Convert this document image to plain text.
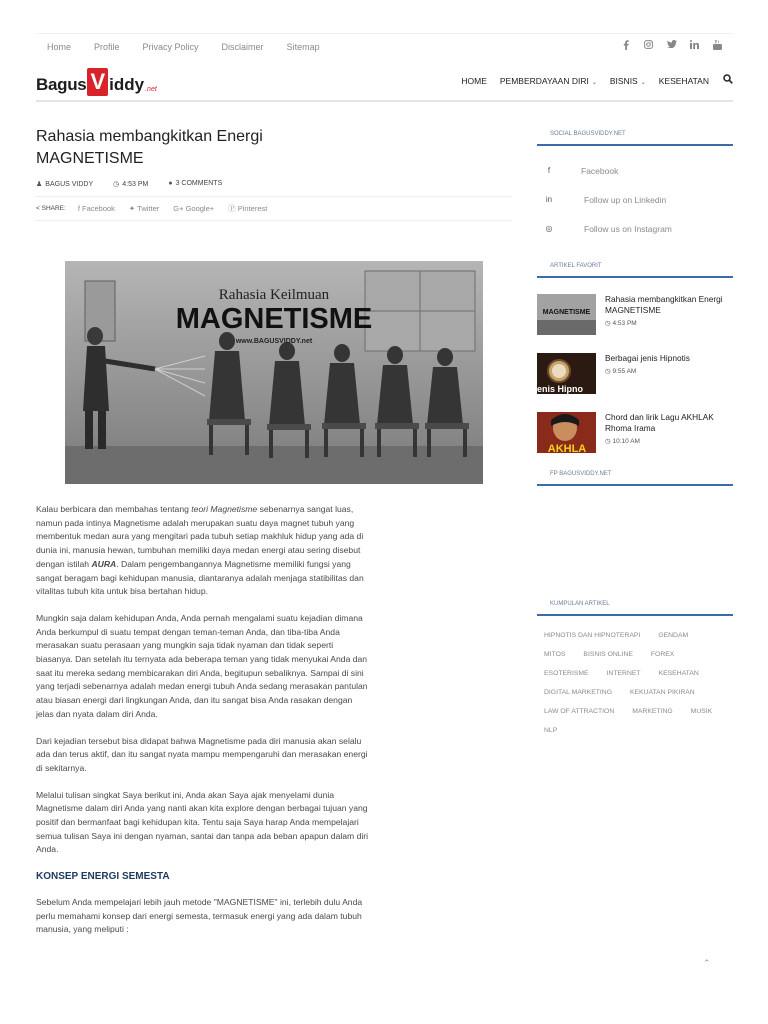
Home	Profile	Privacy Policy	Disclaimer	Sitemap
Bagus V iddy .net
HOME PEMBERDAYAAN DIRI ⌄ BISNIS ⌄ KESEHATAN
Rahasia membangkitkan Energi MAGNETISME
♟ BAGUS VIDDY	◷ 4:53 PM	● 3 COMMENTS
< SHARE: f Facebook ✦ Twitter G+ Google+ Ⓟ Pinterest
Rahasia Keilmuan
MAGNETISME
www.BAGUSVIDDY.net

Kalau berbicara dan membahas tentang teori Magnetisme sebenarnya sangat luas, namun pada intinya Magnetisme adalah merupakan suatu daya magnet tubuh yang membentuk medan aura yang mengitari pada tubuh setiap makhluk hidup yang ada di dunia ini, manusia hewan, tumbuhan memiliki daya medan energi atau sering disebut dengan istilah AURA. Dalam pengembangannya Magnetisme memiliki fungsi yang sangat beragam bagi kehidupan manusia, diantaranya adalah menjaga statibilitas dan vitalitas tubuh kita untuk bisa bertahan hidup.

Mungkin saja dalam kehidupan Anda, Anda pernah mengalami suatu kejadian dimana Anda berkumpul di suatu tempat dengan teman-teman Anda, dan tiba-tiba Anda merasakan suatu perasaan yang mungkin saja tidak nyaman dan tidak seperti biasanya. Dan setelah itu ternyata ada beberapa teman yang tidak menyukai Anda dan saat itu mereka sedang membicarakan diri Anda, begitupun sebaliknya. Sampai di sini yang terjadi sebenarnya adalah medan energi tubuh Anda sedang merasakan pantulan atau biasan energi dari lingkungan Anda, dan itu sangat bisa Anda rasakan dengan jelas dan nyata dalam diri Anda.

Dari kejadian tersebut bisa didapat bahwa Magnetisme pada diri manusia akan selalu ada dan terus aktif, dan itu sangat nyata mampu mempengaruhi dan merasakan energi di sekitarnya.

Melalui tulisan singkat Saya berikut ini, Anda akan Saya ajak menyelami dunia Magnetisme dalam diri Anda yang nanti akan kita explore dengan berbagai tujuan yang positif dan bermanfaat bagi kehidupan kita. Tentu saja Saya harap Anda mempelajari semua tulisan Saya ini dengan nyaman, santai dan tanpa ada beban apapun dalam diri Anda.

KONSEP ENERGI SEMESTA

Sebelum Anda mempelajari lebih jauh metode "MAGNETISME" ini, terlebih dulu Anda perlu memahami konsep dari energi semesta, termasuk energi yang ada dalam tubuh manusia, yang meliputi :

SOCIAL BAGUSVIDDY.NET
f	Facebook
in	Follow up on Linkedin
◎	Follow us on Instagram
ARTIKEL FAVORIT
MAGNETISME
Rahasia membangkitkan Energi MAGNETISME
◷ 4:53 PM
enis Hipno
Berbagai jenis Hipnotis
◷ 9:55 AM
AKHLA
Chord dan lirik Lagu AKHLAK Rhoma Irama
◷ 10:10 AM
FP BAGUSVIDDY.NET
KUMPULAN ARTIKEL
HIPNOTIS DAN HIPNOTERAPI	GENDAM
MITOS	BISNIS ONLINE	FOREX
ESOTERISME	INTERNET	KESEHATAN
DIGITAL MARKETING	KEKUATAN PIKIRAN
LAW OF ATTRACTION	MARKETING	MUSIK
NLP
⌃
